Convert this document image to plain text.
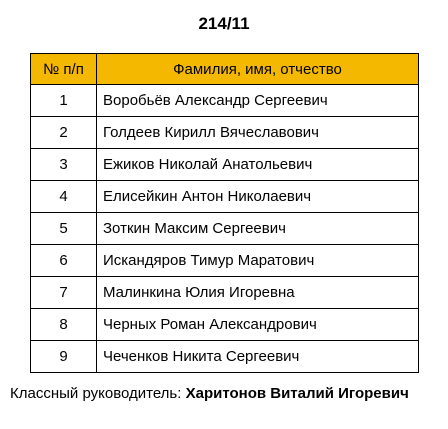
214/11
№ п/п	Фамилия, имя, отчество
1	Воробьёв Александр Сергеевич
2	Голдеев Кирилл Вячеславович
3	Ежиков Николай Анатольевич
4	Елисейкин Антон Николаевич
5	Зоткин Максим Сергеевич
6	Искандяров Тимур Маратович
7	Малинкина Юлия Игоревна
8	Черных Роман Александрович
9	Чеченков Никита Сергеевич
Классный руководитель: Харитонов Виталий Игоревич
